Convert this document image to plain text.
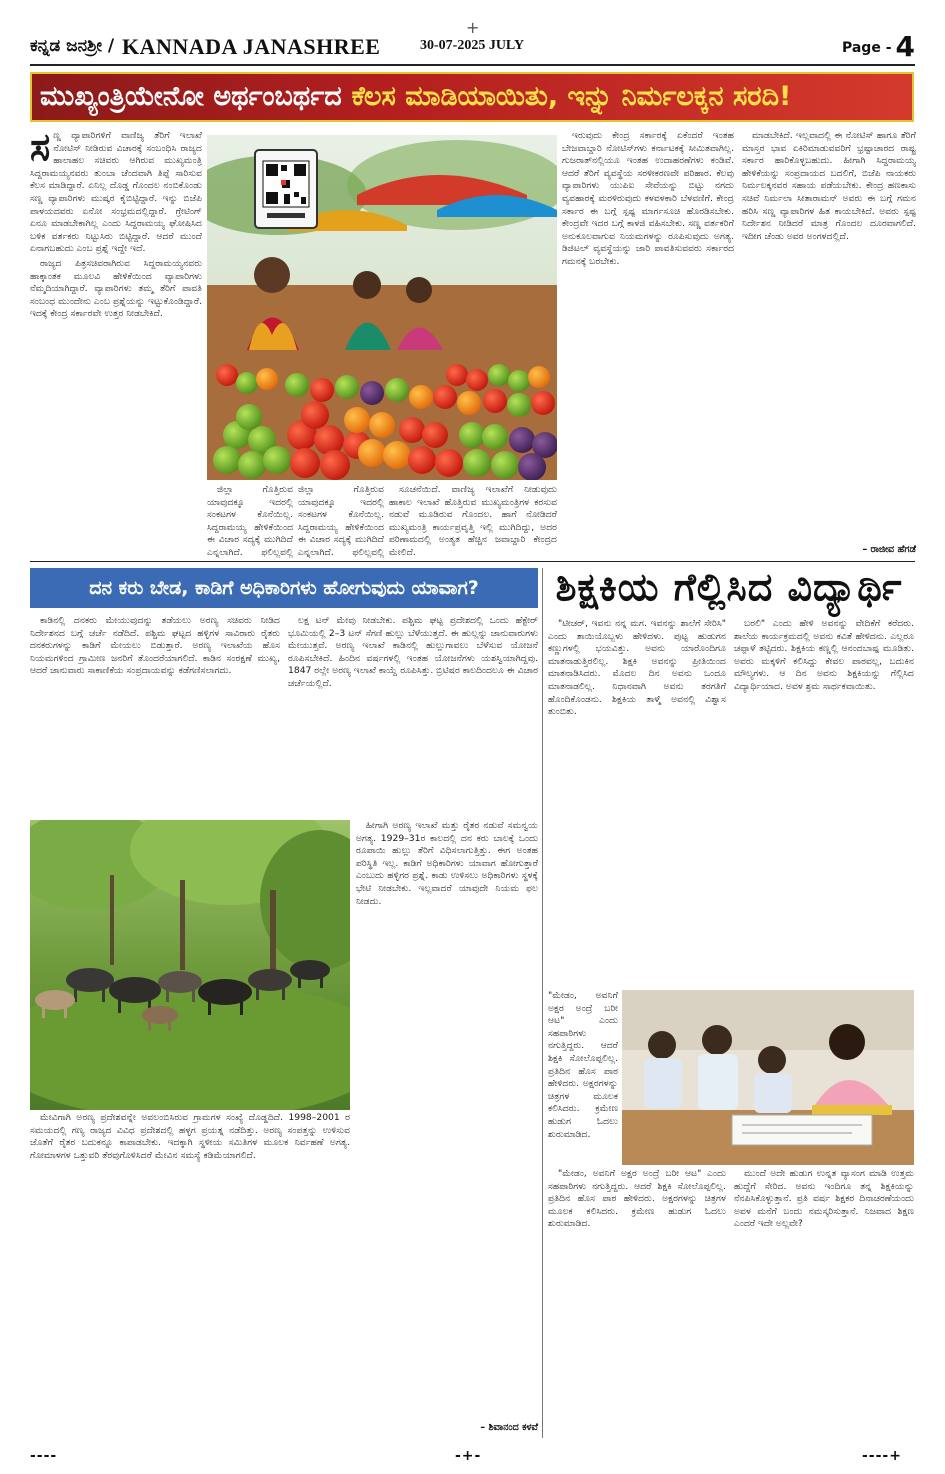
ಕನ್ನಡ ಜನಶ್ರೀ / KANNADA JANASHREE	30-07-2025 JULY	Page - 4
+
ಮುಖ್ಯಂತ್ರಿಯೇನೋ ಅರ್ಥಂಬರ್ಥದ ಕೆಲಸ ಮಾಡಿಯಾಯಿತು, ಇನ್ನು ನಿರ್ಮಲಕ್ಕನ ಸರದಿ!
ಸ ಣ್ಣ ವ್ಯಾಪಾರಿಗಳಿಗೆ ವಾಣಿಜ್ಯ ತೆರಿಗೆ ಇಲಾಖೆ ನೋಟಿಸ್ ನೀಡಿರುವ ವಿಚಾರಕ್ಕೆ ಸಂಬಂಧಿಸಿ ರಾಜ್ಯದ ಹಾಲಾಹಲ ಸಚಿವರು ಆಗಿರುವ ಮುಖ್ಯಮಂತ್ರಿ ಸಿದ್ದರಾಮಯ್ಯನವರು ತುಂಬಾ ಚೆಂದವಾಗಿ ತಿಪ್ಪೆ ಸಾರಿಸುವ ಕೆಲಸ ಮಾಡಿದ್ದಾರೆ. ಏನಿಲ್ಲ ದೊಡ್ಡ ಗೊಂದಲ ನಂಬಿಕೊಂಡು ಸಣ್ಣ ವ್ಯಾಪಾರಿಗಳು ಮುಷ್ಕರ ಕೈಬಿಟ್ಟಿದ್ದಾರೆ. ಇನ್ನು ಬಿಜೆಪಿ ಪಾಳಯದವರು ಏನೋ ಸಂಭ್ರಮದಲ್ಲಿದ್ದಾರೆ. ಗ್ರೇಟಿಂಗ್ ಏನೂ ಮಾಡಬೇಕಾಗಿಲ್ಲ ಎಂದು ಸಿದ್ದರಾಮಯ್ಯ ಘೋಷಿಸಿದ ಬಳಿಕ ವರ್ತಕರು ನಿಟ್ಟುಸಿರು ಬಿಟ್ಟಿದ್ದಾರೆ. ಆದರೆ ಮುಂದೆ ಏನಾಗಬಹುದು ಎಂಬ ಪ್ರಶ್ನೆ ಇದ್ದೇ ಇದೆ.

ರಾಜ್ಯದ ಪಿತ್ರಸಚಿವರಾಗಿರುವ ಸಿದ್ದರಾಮಯ್ಯನವರು ಹಾಕ್ಕಾಂತಕ ಮೂಲವಿ ಹೇಳಿಕೆಯಿಂದ ವ್ಯಾಪಾರಿಗಳು ನೆಮ್ಮದಿಯಾಗಿದ್ದಾರೆ. ವ್ಯಾಪಾರಿಗಳು ತಮ್ಮ ತೆರಿಗೆ ಪಾವತಿ ಸಂಬಂಧ ಮುಂದೇನು ಎಂಬ ಪ್ರಶ್ನೆಯನ್ನು ಇಟ್ಟುಕೊಂಡಿದ್ದಾರೆ. ಇದಕ್ಕೆ ಕೇಂದ್ರ ಸರ್ಕಾರವೇ ಉತ್ತರ ನೀಡಬೇಕಿದೆ.

ಜಿಲ್ಲಾ ಗೊತ್ತಿರುವ ಯಾವುದಕ್ಕೂ ಇದರಲ್ಲಿ ಸಂಕಟಗಳ ಕೊನೆಯಿಲ್ಲ. ಸಿದ್ದರಾಮಯ್ಯ ಹೇಳಿಕೆಯಿಂದ ಈ ವಿಚಾರ ಸದ್ಯಕ್ಕೆ ಮುಗಿದಿದೆ ಎನ್ನಲಾಗಿದೆ. ಫಲಿಲ್ಲವಲ್ಲಿ

ಜಿಲ್ಲಾ ಗೊತ್ತಿರುವ ಯಾವುದಕ್ಕೂ ಇದರಲ್ಲಿ ಸಂಕಟಗಳ ಕೊನೆಯಿಲ್ಲ. ಸಿದ್ದರಾಮಯ್ಯ ಹೇಳಿಕೆಯಿಂದ ಈ ವಿಚಾರ ಸದ್ಯಕ್ಕೆ ಮುಗಿದಿದೆ ಎನ್ನಲಾಗಿದೆ. ಫಲಿಲ್ಲವಲ್ಲಿ

ಸೂಚನೆಯಿದೆ. ವಾಣಿಜ್ಯ ಇಲಾಖೆಗೆ ನೀಡುವುದು ಹಾಕಾಲ ಇಲಾಖೆ ಹೊತ್ತಿರುವ ಮುಖ್ಯಮಂತ್ರಿಗಳ ಕರಸುವ ನಡುವೆ ಮೂಡಿರುವ ಗೊಂದಲ. ಹಾಗೆ ನೋಡಿದರೆ ಮುಖ್ಯಮಂತ್ರಿ ಕಾರ್ಯಪ್ರವೃತ್ತಿ ಇಲ್ಲಿ ಮುಗಿದಿದ್ದು, ಅದರ ಪರಿಣಾಮದಲ್ಲಿ ಅಂತ್ಯತ ಹೆಚ್ಚಿನ ಜವಾಬ್ದಾರಿ ಕೇಂದ್ರದ ಮೇಲಿದೆ.

ಇರುವುದು ಕೇಂದ್ರ ಸರ್ಕಾರಕ್ಕೆ ಏಕೆಂದರೆ ಇಂತಹ ಬೇಜವಾಬ್ದಾರಿ ನೋಟಿಸ್‌ಗಳು ಕರ್ನಾಟಕಕ್ಕೆ ಸೀಮಿತವಾಗಿಲ್ಲ. ಗುಜರಾತ್‌ನಲ್ಲಿಯೂ ಇಂತಹ ಉದಾಹರಣೆಗಳು ಕಂಡಿವೆ. ಆದರೆ ತೆರಿಗೆ ವ್ಯವಸ್ಥೆಯ ಸರಳೀಕರಣವೇ ಪರಿಹಾರ. ಕೆಲವು ವ್ಯಾಪಾರಿಗಳು ಯುಪಿಐ ಸೇವೆಯನ್ನು ಬಿಟ್ಟು ನಗದು ವ್ಯವಹಾರಕ್ಕೆ ಮರಳಿರುವುದು ಕಳವಳಕಾರಿ ಬೆಳವಣಿಗೆ. ಕೇಂದ್ರ ಸರ್ಕಾರ ಈ ಬಗ್ಗೆ ಸ್ಪಷ್ಟ ಮಾರ್ಗಸೂಚಿ ಹೊರಡಿಸಬೇಕು. ಕೇಂದ್ರವೇ ಇದರ ಬಗ್ಗೆ ಕಾಳಜಿ ವಹಿಸಬೇಕು. ಸಣ್ಣ ವರ್ತಕರಿಗೆ ಅನುಕೂಲವಾಗುವ ನಿಯಮಗಳನ್ನು ರೂಪಿಸುವುದು ಅಗತ್ಯ. ಡಿಜಿಟಲ್ ವ್ಯವಸ್ಥೆಯನ್ನು ಜಾರಿ ಪಾವತಿಸುವವರು ಸರ್ಕಾರದ ಗಮನಕ್ಕೆ ಬರಬೇಕು.

ಮಾಡಬೇಕಿದೆ. ಇಲ್ಲವಾದಲ್ಲಿ ಈ ನೋಟಿಸ್ ಹಾಗೂ ತೆರಿಗೆ ಮಾಸ್ತರ ಭಾವ ಏಕಿರಿಮಾಡುವವರಿಗೆ ಭ್ರಷ್ಟಾಚಾರದ ರಾಷ್ಟ್ರ ಸರ್ಕಾರ ಹಾರಿಕೊಳ್ಳಬಹುದು. ಹೀಗಾಗಿ ಸಿದ್ದರಾಮಯ್ಯ ಹೇಳಿಕೆಯನ್ನು ಸಂಪ್ರದಾಯದ ಬದಲಿಗೆ, ಬಿಜೆಪಿ ನಾಯಕರು ನಿರ್ಮಲಕ್ಕನವರ ಸಹಾಯ ಪಡೆಯಬೇಕು. ಕೇಂದ್ರ ಹಣಕಾಸು ಸಚಿವೆ ನಿರ್ಮಲಾ ಸೀತಾರಾಮನ್ ಅವರು ಈ ಬಗ್ಗೆ ಗಮನ ಹರಿಸಿ ಸಣ್ಣ ವ್ಯಾಪಾರಿಗಳ ಹಿತ ಕಾಯಬೇಕಿದೆ. ಅವರು ಸ್ಪಷ್ಟ ನಿರ್ದೇಶನ ನೀಡಿದರೆ ಮಾತ್ರ ಗೊಂದಲ ದೂರವಾಗಲಿದೆ. ಇದೀಗ ಚೆಂಡು ಅವರ ಅಂಗಳದಲ್ಲಿದೆ.

– ರಾಜೀವ ಹೆಗಡೆ
ದನ ಕರು ಬೇಡ, ಕಾಡಿಗೆ ಅಧಿಕಾರಿಗಳು ಹೋಗುವುದು ಯಾವಾಗ?

ಕಾಡಿನಲ್ಲಿ ದನಕರು ಮೇಯುವುದನ್ನು ತಡೆಯಲು ಅರಣ್ಯ ಸಚಿವರು ನೀಡಿದ ನಿರ್ದೇಶನದ ಬಗ್ಗೆ ಚರ್ಚೆ ನಡೆದಿದೆ. ಪಶ್ಚಿಮ ಘಟ್ಟದ ಹಳ್ಳಿಗಳ ಸಾವಿರಾರು ರೈತರು ದನಕರುಗಳನ್ನು ಕಾಡಿಗೆ ಮೇಯಲು ಬಿಡುತ್ತಾರೆ. ಅರಣ್ಯ ಇಲಾಖೆಯ ಹೊಸ ನಿಯಮಗಳಿಂದ ಗ್ರಾಮೀಣ ಜನರಿಗೆ ತೊಂದರೆಯಾಗಲಿದೆ. ಕಾಡಿನ ಸಂರಕ್ಷಣೆ ಮುಖ್ಯ, ಆದರೆ ಜಾನುವಾರು ಸಾಕಾಣಿಕೆಯ ಸಂಪ್ರದಾಯವನ್ನು ಕಡೆಗಣಿಸಲಾಗದು.

ಮೇವಿಗಾಗಿ ಅರಣ್ಯ ಪ್ರದೇಶವನ್ನೇ ಅವಲಂಬಿಸಿರುವ ಗ್ರಾಮಗಳ ಸಂಖ್ಯೆ ದೊಡ್ಡದಿದೆ. 1998–2001 ರ ಸಮಯದಲ್ಲಿ ಗಣ್ಯ ರಾಜ್ಯದ ವಿವಿಧ ಪ್ರದೇಶದಲ್ಲಿ ಹಳ್ಳಗ ಪ್ರಯತ್ನ ನಡೆದಿತ್ತು. ಅರಣ್ಯ ಸಂಪತ್ತನ್ನು ಉಳಿಸುವ ಜೊತೆಗೆ ರೈತರ ಬದುಕನ್ನೂ ಕಾಪಾಡಬೇಕು. ಇದಕ್ಕಾಗಿ ಸ್ಥಳೀಯ ಸಮಿತಿಗಳ ಮೂಲಕ ನಿರ್ವಹಣೆ ಅಗತ್ಯ. ಗೋಮಾಳಗಳ ಒತ್ತುವರಿ ತೆರವುಗೊಳಿಸಿದರೆ ಮೇವಿನ ಸಮಸ್ಯೆ ಕಡಿಮೆಯಾಗಲಿದೆ.

ಲಕ್ಷ ಟನ್ ಮೇವು ನೀಡಬೇಕು. ಪಶ್ಚಿಮ ಘಟ್ಟ ಪ್ರದೇಶದಲ್ಲಿ ಒಂದು ಹೆಕ್ಟೇರ್ ಭೂಮಿಯಲ್ಲಿ 2–3 ಟನ್ ಸೆಗಣಿ ಹುಲ್ಲು ಬೆಳೆಯುತ್ತದೆ. ಈ ಹುಲ್ಲನ್ನು ಜಾನುವಾರುಗಳು ಮೇಯುತ್ತವೆ. ಅರಣ್ಯ ಇಲಾಖೆ ಕಾಡಿನಲ್ಲಿ ಹುಲ್ಲುಗಾವಲು ಬೆಳೆಸುವ ಯೋಜನೆ ರೂಪಿಸಬೇಕಿದೆ. ಹಿಂದಿನ ವರ್ಷಗಳಲ್ಲಿ ಇಂತಹ ಯೋಜನೆಗಳು ಯಶಸ್ವಿಯಾಗಿದ್ದವು. 1847 ರಲ್ಲೇ ಅರಣ್ಯ ಇಲಾಖೆ ಕಾಯ್ದೆ ರೂಪಿಸಿತ್ತು. ಬ್ರಿಟಿಷರ ಕಾಲದಿಂದಲೂ ಈ ವಿಚಾರ ಚರ್ಚೆಯಲ್ಲಿದೆ.

ಹೀಗಾಗಿ ಅರಣ್ಯ ಇಲಾಖೆ ಮತ್ತು ರೈತರ ನಡುವೆ ಸಮನ್ವಯ ಅಗತ್ಯ. 1929–31ರ ಕಾಲದಲ್ಲಿ ದನ ಕರು ಬಾಲಕ್ಕೆ ಒಂದು ರೂಪಾಯಿ ಹುಲ್ಲು ತೆರಿಗೆ ವಿಧಿಸಲಾಗುತ್ತಿತ್ತು. ಈಗ ಅಂತಹ ಪರಿಸ್ಥಿತಿ ಇಲ್ಲ. ಕಾಡಿಗೆ ಅಧಿಕಾರಿಗಳು ಯಾವಾಗ ಹೋಗುತ್ತಾರೆ ಎಂಬುದು ಹಳ್ಳಿಗರ ಪ್ರಶ್ನೆ. ಕಾಡು ಉಳಿಸಲು ಅಧಿಕಾರಿಗಳು ಸ್ಥಳಕ್ಕೆ ಭೇಟಿ ನೀಡಬೇಕು. ಇಲ್ಲವಾದರೆ ಯಾವುದೇ ನಿಯಮ ಫಲ ನೀಡದು.

– ಶಿವಾನಂದ ಕಳವೆ
ಶಿಕ್ಷಕಿಯ ಗೆಲ್ಲಿಸಿದ ವಿದ್ಯಾರ್ಥಿ

"ಟೀಚರ್, ಇವನು ನನ್ನ ಮಗ. ಇವನನ್ನು ಶಾಲೆಗೆ ಸೇರಿಸಿ" ಎಂದು ತಾಯಿಯೊಬ್ಬಳು ಹೇಳಿದಳು. ಪುಟ್ಟ ಹುಡುಗನ ಕಣ್ಣುಗಳಲ್ಲಿ ಭಯವಿತ್ತು. ಅವನು ಯಾರೊಂದಿಗೂ ಮಾತನಾಡುತ್ತಿರಲಿಲ್ಲ. ಶಿಕ್ಷಕಿ ಅವನನ್ನು ಪ್ರೀತಿಯಿಂದ ಮಾತನಾಡಿಸಿದರು. ಮೊದಲ ದಿನ ಅವನು ಒಂದೂ ಮಾತನಾಡಲಿಲ್ಲ. ನಿಧಾನವಾಗಿ ಅವನು ತರಗತಿಗೆ ಹೊಂದಿಕೊಂಡನು. ಶಿಕ್ಷಕಿಯ ತಾಳ್ಮೆ ಅವನಲ್ಲಿ ವಿಶ್ವಾಸ ತುಂಬಿತು.

"ಮೇಡಂ, ಅವನಿಗೆ ಅಕ್ಷರ ಅಂದ್ರೆ ಬರೀ ಆಟ" ಎಂದು ಸಹಪಾಠಿಗಳು ನಗುತ್ತಿದ್ದರು. ಆದರೆ ಶಿಕ್ಷಕಿ ಸೋಲೊಪ್ಪಲಿಲ್ಲ. ಪ್ರತಿದಿನ ಹೊಸ ಪಾಠ ಹೇಳಿದರು. ಅಕ್ಷರಗಳನ್ನು ಚಿತ್ರಗಳ ಮೂಲಕ ಕಲಿಸಿದರು. ಕ್ರಮೇಣ ಹುಡುಗ ಓದಲು ಶುರುಮಾಡಿದ.

"ಮೇಡಂ, ಅವನಿಗೆ ಅಕ್ಷರ ಅಂದ್ರೆ ಬರೀ ಆಟ" ಎಂದು ಸಹಪಾಠಿಗಳು ನಗುತ್ತಿದ್ದರು. ಆದರೆ ಶಿಕ್ಷಕಿ ಸೋಲೊಪ್ಪಲಿಲ್ಲ. ಪ್ರತಿದಿನ ಹೊಸ ಪಾಠ ಹೇಳಿದರು. ಅಕ್ಷರಗಳನ್ನು ಚಿತ್ರಗಳ ಮೂಲಕ ಕಲಿಸಿದರು. ಕ್ರಮೇಣ ಹುಡುಗ ಓದಲು ಶುರುಮಾಡಿದ.

ಬರಲಿ" ಎಂದು ಹೇಳಿ ಅವನನ್ನು ವೇದಿಕೆಗೆ ಕರೆದರು. ಶಾಲೆಯ ಕಾರ್ಯಕ್ರಮದಲ್ಲಿ ಅವನು ಕವಿತೆ ಹೇಳಿದನು. ಎಲ್ಲರೂ ಚಪ್ಪಾಳೆ ತಟ್ಟಿದರು. ಶಿಕ್ಷಕಿಯ ಕಣ್ಣಲ್ಲಿ ಆನಂದಬಾಷ್ಪ ಮೂಡಿತು. ಅವರು ಮಕ್ಕಳಿಗೆ ಕಲಿಸಿದ್ದು ಕೇವಲ ಪಾಠವಲ್ಲ, ಬದುಕಿನ ಮೌಲ್ಯಗಳು. ಆ ದಿನ ಅವನು ಶಿಕ್ಷಕಿಯನ್ನು ಗೆಲ್ಲಿಸಿದ ವಿದ್ಯಾರ್ಥಿಯಾದ. ಅವಳ ಶ್ರಮ ಸಾರ್ಥಕವಾಯಿತು.

ಮುಂದೆ ಅದೇ ಹುಡುಗ ಉನ್ನತ ವ್ಯಾಸಂಗ ಮಾಡಿ ಉತ್ತಮ ಹುದ್ದೆಗೆ ಸೇರಿದ. ಅವನು ಇಂದಿಗೂ ತನ್ನ ಶಿಕ್ಷಕಿಯನ್ನು ನೆನಪಿಸಿಕೊಳ್ಳುತ್ತಾನೆ. ಪ್ರತಿ ವರ್ಷ ಶಿಕ್ಷಕರ ದಿನಾಚರಣೆಯಂದು ಅವಳ ಮನೆಗೆ ಬಂದು ನಮಸ್ಕರಿಸುತ್ತಾನೆ. ನಿಜವಾದ ಶಿಕ್ಷಣ ಎಂದರೆ ಇದೇ ಅಲ್ಲವೇ?

----	-+-	----+
